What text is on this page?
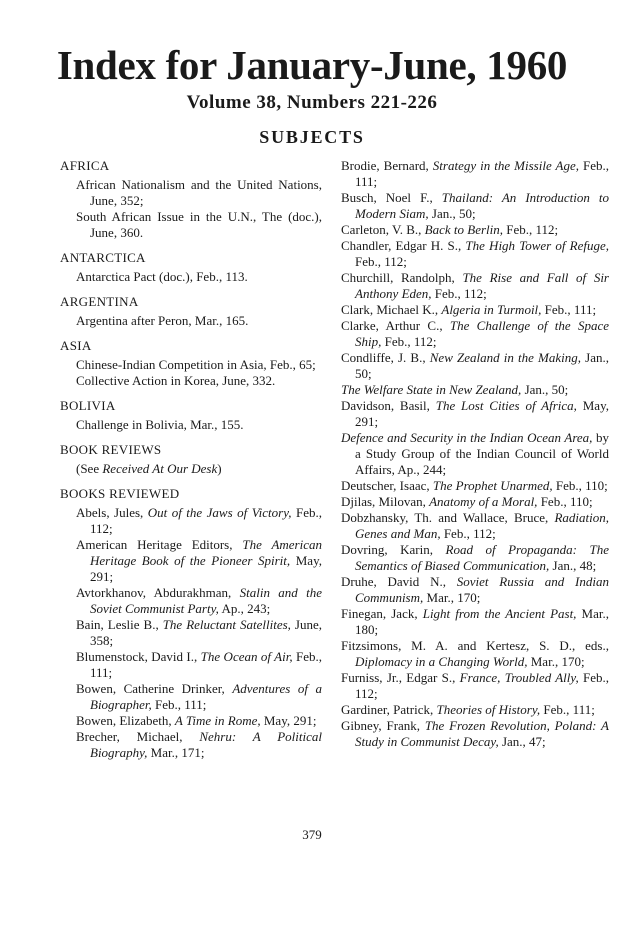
Index for January-June, 1960
Volume 38, Numbers 221-226
SUBJECTS
AFRICA
African Nationalism and the United Nations, June, 352;
South African Issue in the U.N., The (doc.), June, 360.
ANTARCTICA
Antarctica Pact (doc.), Feb., 113.
ARGENTINA
Argentina after Peron, Mar., 165.
ASIA
Chinese-Indian Competition in Asia, Feb., 65;
Collective Action in Korea, June, 332.
BOLIVIA
Challenge in Bolivia, Mar., 155.
BOOK REVIEWS
(See Received At Our Desk)
BOOKS REVIEWED
Abels, Jules, Out of the Jaws of Victory, Feb., 112;
American Heritage Editors, The American Heritage Book of the Pioneer Spirit, May, 291;
Avtorkhanov, Abdurakhman, Stalin and the Soviet Communist Party, Ap., 243;
Bain, Leslie B., The Reluctant Satellites, June, 358;
Blumenstock, David I., The Ocean of Air, Feb., 111;
Bowen, Catherine Drinker, Adventures of a Biographer, Feb., 111;
Bowen, Elizabeth, A Time in Rome, May, 291;
Brecher, Michael, Nehru: A Political Biography, Mar., 171;
Brodie, Bernard, Strategy in the Missile Age, Feb., 111;
Busch, Noel F., Thailand: An Introduction to Modern Siam, Jan., 50;
Carleton, V. B., Back to Berlin, Feb., 112;
Chandler, Edgar H. S., The High Tower of Refuge, Feb., 112;
Churchill, Randolph, The Rise and Fall of Sir Anthony Eden, Feb., 112;
Clark, Michael K., Algeria in Turmoil, Feb., 111;
Clarke, Arthur C., The Challenge of the Space Ship, Feb., 112;
Condliffe, J. B., New Zealand in the Making, Jan., 50;
The Welfare State in New Zealand, Jan., 50;
Davidson, Basil, The Lost Cities of Africa, May, 291;
Defence and Security in the Indian Ocean Area, by a Study Group of the Indian Council of World Affairs, Ap., 244;
Deutscher, Isaac, The Prophet Unarmed, Feb., 110;
Djilas, Milovan, Anatomy of a Moral, Feb., 110;
Dobzhansky, Th. and Wallace, Bruce, Radiation, Genes and Man, Feb., 112;
Dovring, Karin, Road of Propaganda: The Semantics of Biased Communication, Jan., 48;
Druhe, David N., Soviet Russia and Indian Communism, Mar., 170;
Finegan, Jack, Light from the Ancient Past, Mar., 180;
Fitzsimons, M. A. and Kertesz, S. D., eds., Diplomacy in a Changing World, Mar., 170;
Furniss, Jr., Edgar S., France, Troubled Ally, Feb., 112;
Gardiner, Patrick, Theories of History, Feb., 111;
Gibney, Frank, The Frozen Revolution, Poland: A Study in Communist Decay, Jan., 47;
379
